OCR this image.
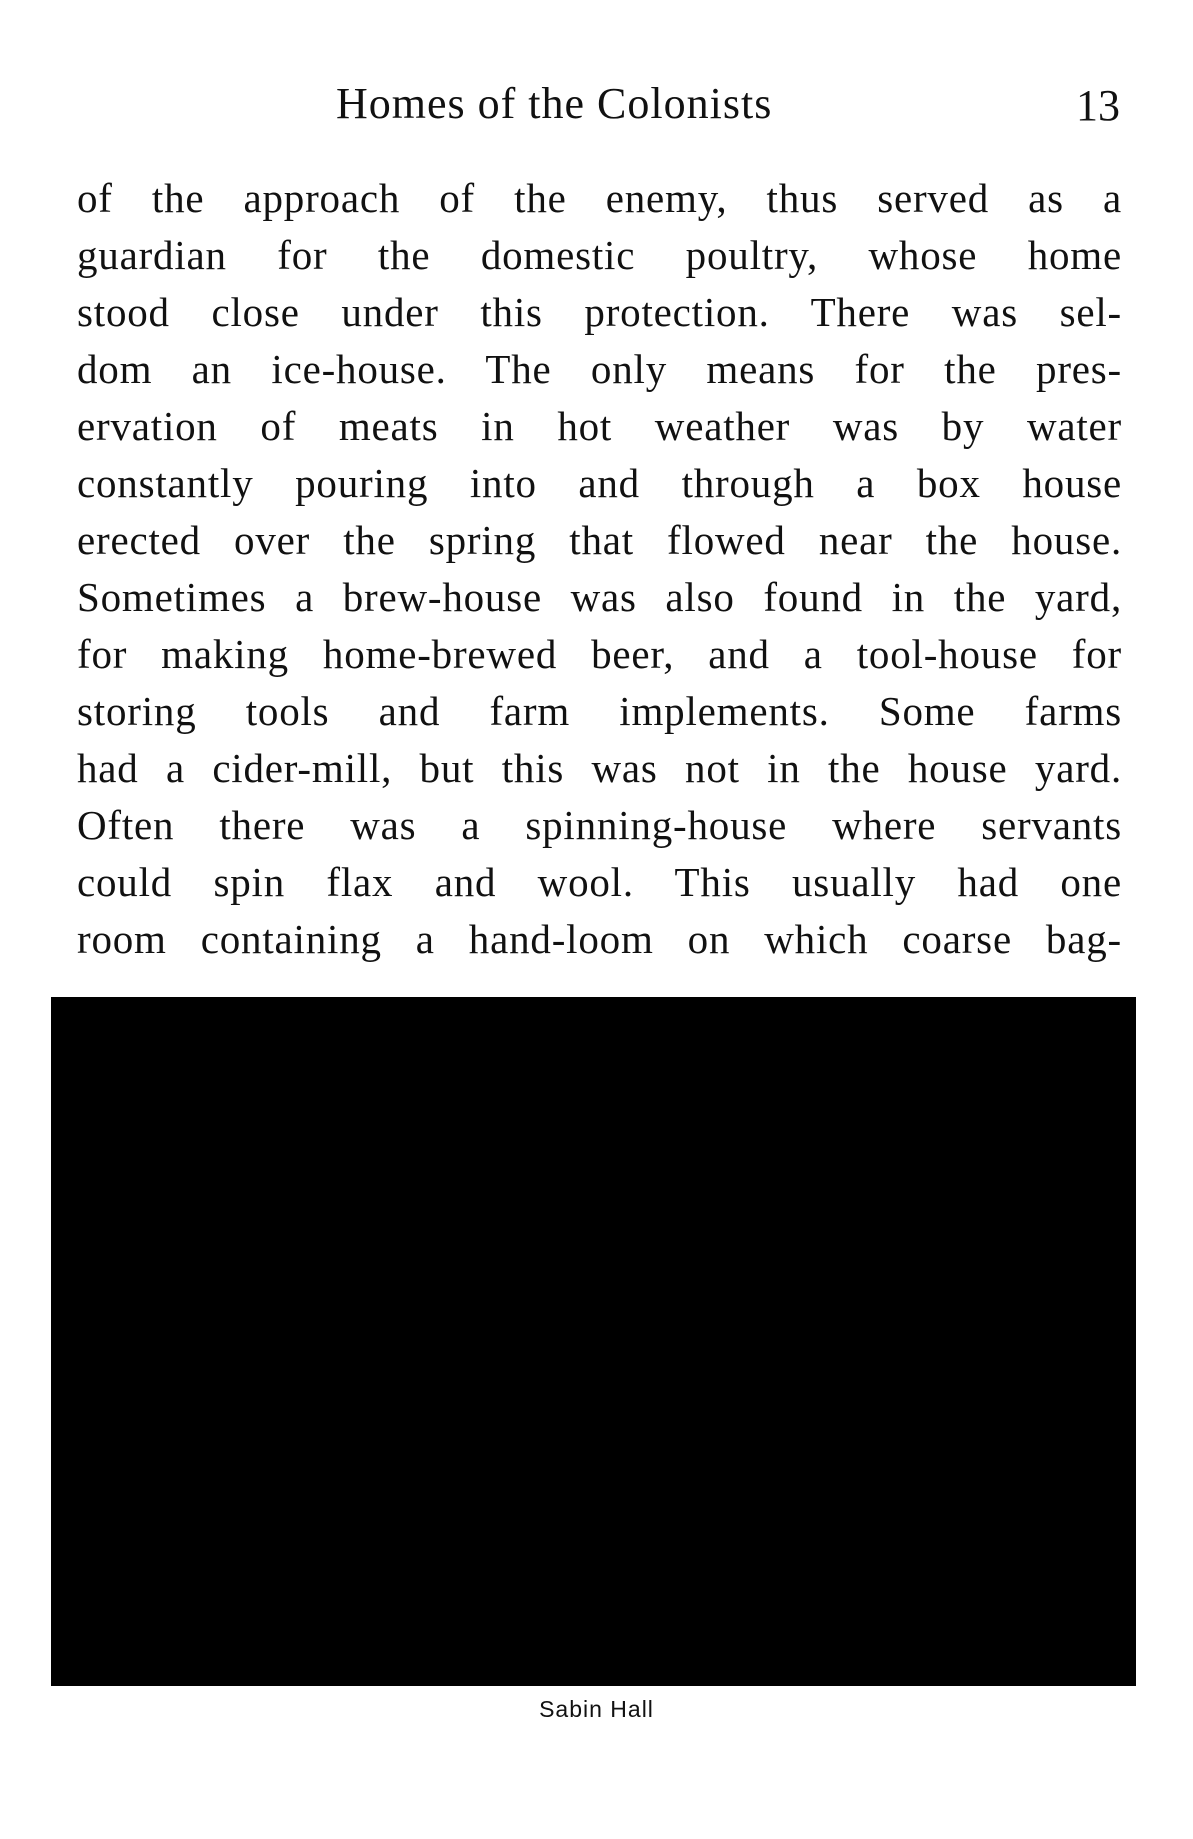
Homes of the Colonists	13
of the approach of the enemy, thus served as a
guardian for the domestic poultry, whose home
stood close under this protection. There was sel-
dom an ice-house. The only means for the pres-
ervation of meats in hot weather was by water
constantly pouring into and through a box house
erected over the spring that flowed near the house.
Sometimes a brew-house was also found in the yard,
for making home-brewed beer, and a tool-house for
storing tools and farm implements. Some farms
had a cider-mill, but this was not in the house yard.
Often there was a spinning-house where servants
could spin flax and wool. This usually had one
room containing a hand-loom on which coarse bag-
Sabin Hall
